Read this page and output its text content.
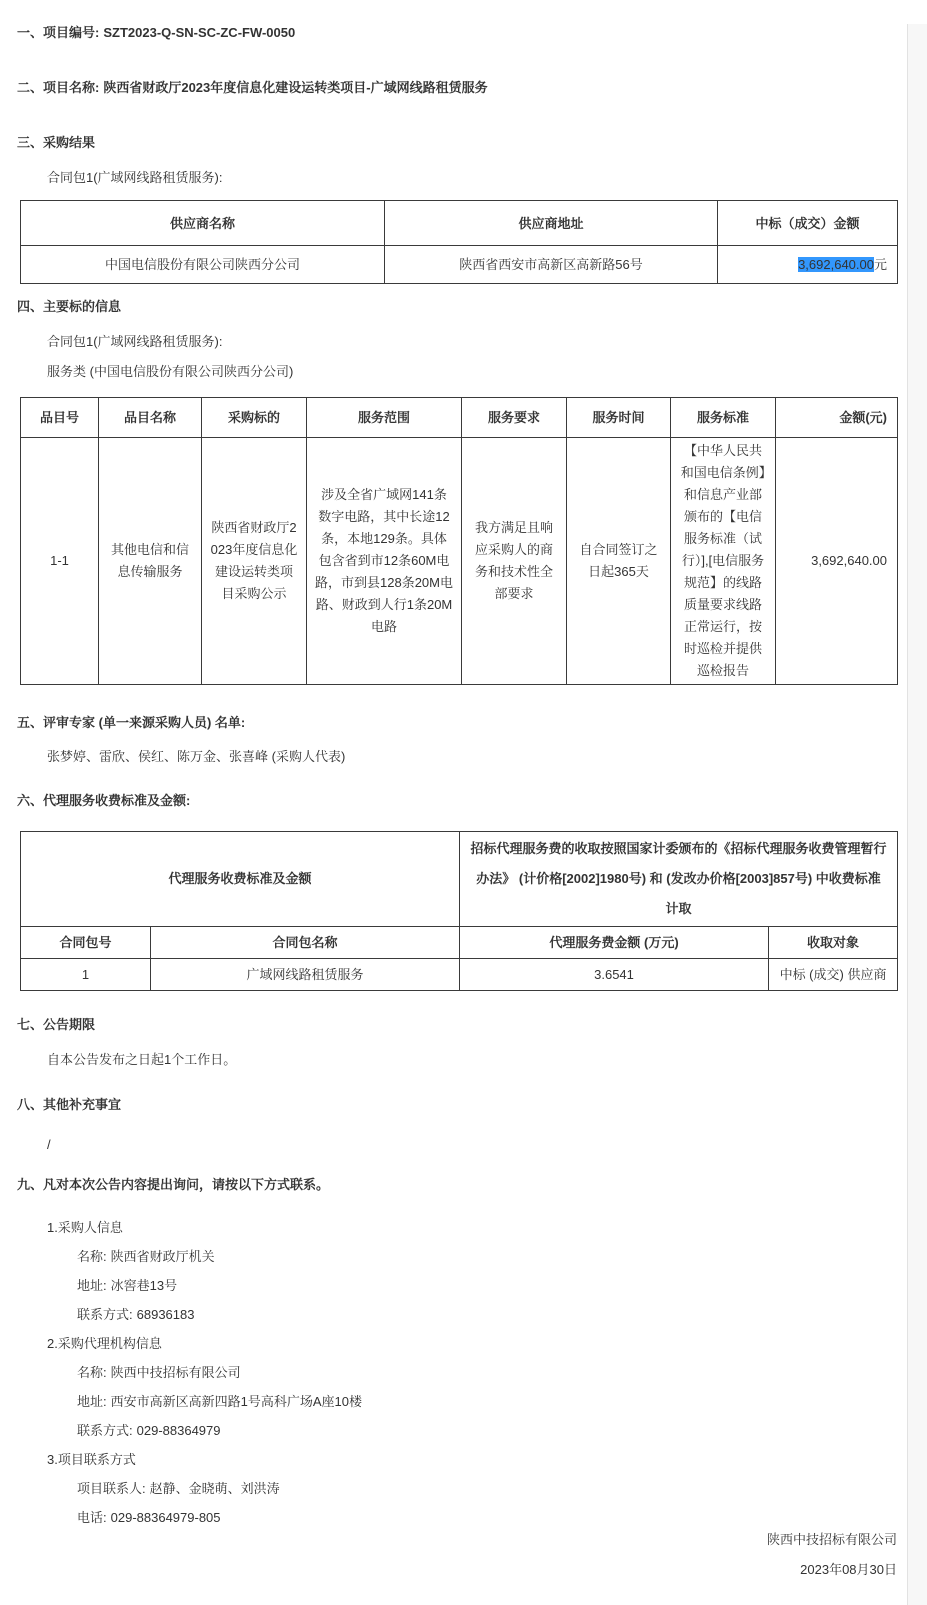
一、项目编号: SZT2023-Q-SN-SC-ZC-FW-0050

二、项目名称: 陕西省财政厅2023年度信息化建设运转类项目-广域网线路租赁服务

三、采购结果

合同包1(广域网线路租赁服务):

供应商名称	供应商地址	中标（成交）金额
中国电信股份有限公司陕西分公司	陕西省西安市高新区高新路56号	3,692,640.00元

四、主要标的信息

合同包1(广域网线路租赁服务):

服务类 (中国电信股份有限公司陕西分公司)

品目号	品目名称	采购标的	服务范围	服务要求	服务时间	服务标准	金额(元)
1-1	其他电信和信息传输服务	陕西省财政厅2023年度信息化建设运转类项目采购公示	涉及全省广域网141条数字电路，其中长途12条，本地129条。具体包含省到市12条60M电路，市到县128条20M电路、财政到人行1条20M电路	我方满足且响应采购人的商务和技术性全部要求	自合同签订之日起365天	【中华人民共和国电信条例】和信息产业部颁布的【电信服务标准（试行）],[电信服务规范】的线路质量要求线路正常运行，按时巡检并提供巡检报告	3,692,640.00

五、评审专家 (单一来源采购人员) 名单:

张梦婷、雷欣、侯红、陈万金、张喜峰 (采购人代表)

六、代理服务收费标准及金额:

代理服务收费标准及金额		招标代理服务费的收取按照国家计委颁布的《招标代理服务收费管理暂行办法》 (计价格[2002]1980号) 和 (发改办价格[2003]857号) 中收费标准计取	
合同包号	合同包名称	代理服务费金额 (万元)	收取对象
1	广域网线路租赁服务	3.6541	中标 (成交) 供应商

七、公告期限

自本公告发布之日起1个工作日。

八、其他补充事宜

/

九、凡对本次公告内容提出询问，请按以下方式联系。

1.采购人信息

名称: 陕西省财政厅机关

地址: 冰窖巷13号

联系方式: 68936183

2.采购代理机构信息

名称: 陕西中技招标有限公司

地址: 西安市高新区高新四路1号高科广场A座10楼

联系方式: 029-88364979

3.项目联系方式

项目联系人: 赵静、金晓萌、刘洪涛

电话: 029-88364979-805

陕西中技招标有限公司

2023年08月30日
